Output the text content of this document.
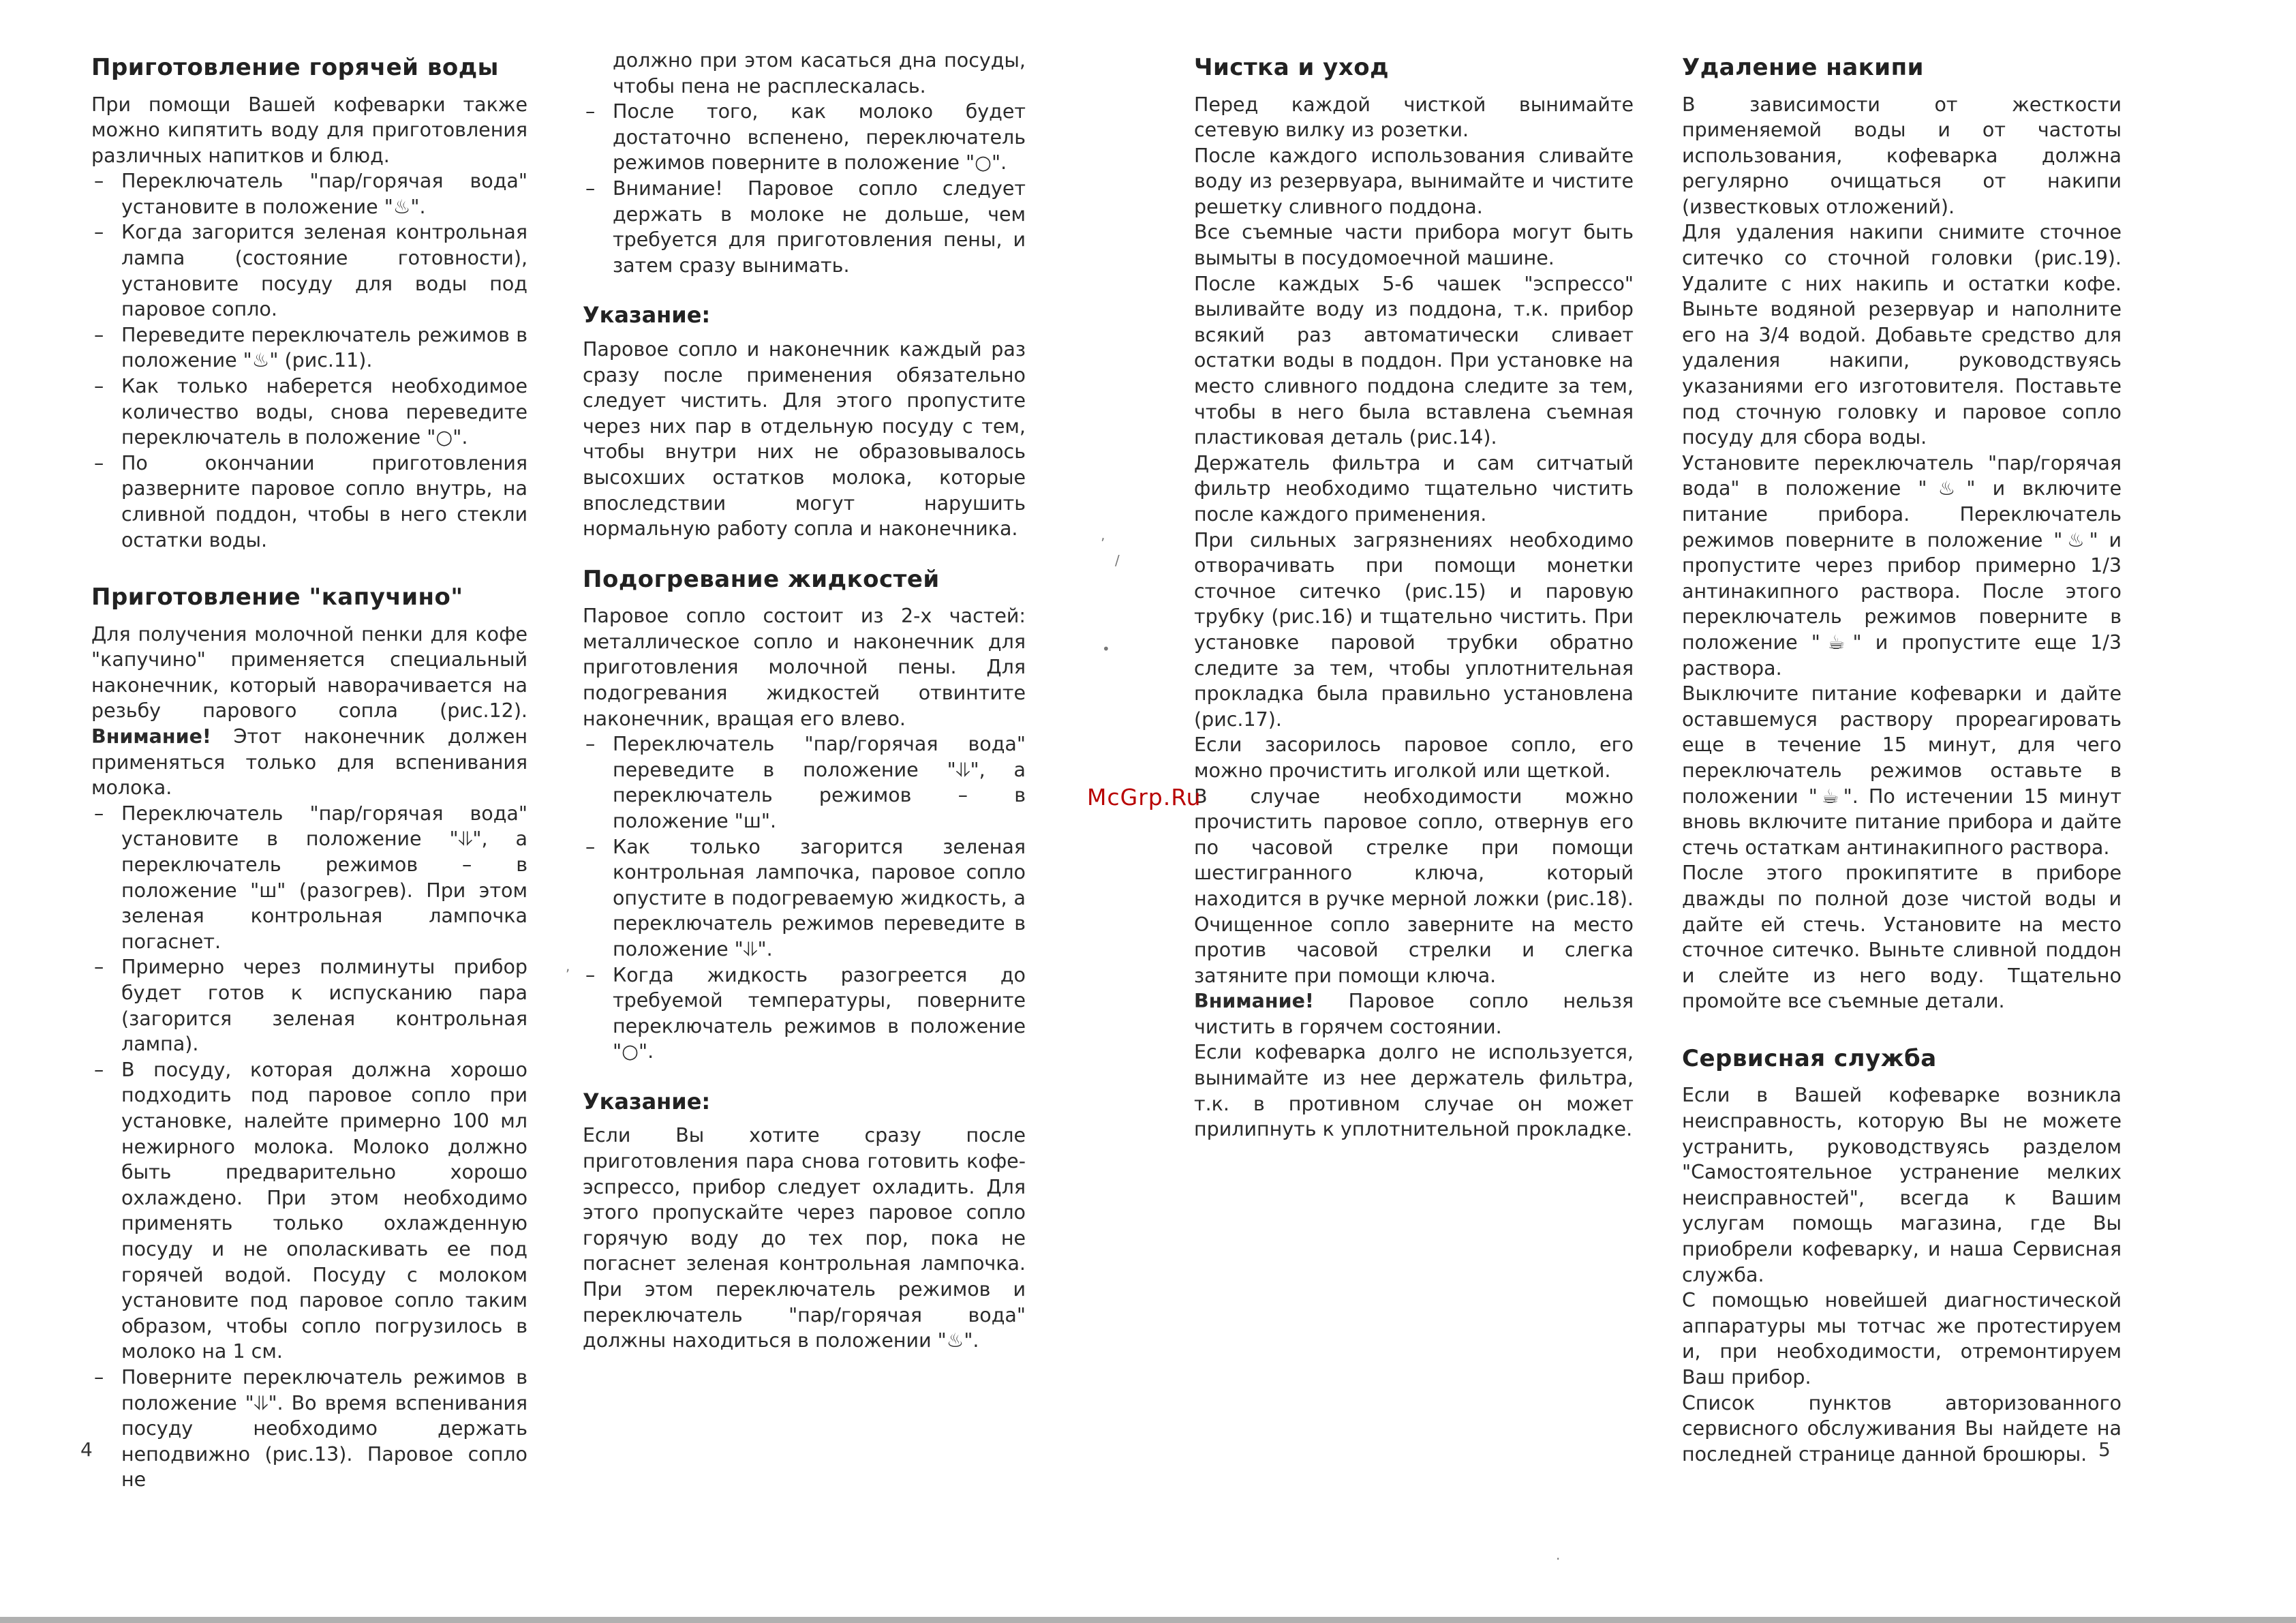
Приготовление горячей воды

При помощи Вашей кофеварки также можно кипятить воду для приготовления различных напитков и блюд.

– Переключатель "пар/горячая вода" установите в положение "♨".
– Когда загорится зеленая контрольная лампа (состояние готовности), установите посуду для воды под паровое сопло.
– Переведите переключатель режимов в положение "♨" (рис.11).
– Как только наберется необходимое количество воды, снова переведите переключатель в положение "○".
– По окончании приготовления разверните паровое сопло внутрь, на сливной поддон, чтобы в него стекли остатки воды.
Приготовление "капучино"

Для получения молочной пенки для кофе "капучино" применяется специальный наконечник, который наворачивается на резьбу парового сопла (рис.12). Внимание! Этот наконечник должен применяться только для вспенивания молока.

– Переключатель "пар/горячая вода" установите в положение "⥥", а переключатель режимов – в положение "ꟺ" (разогрев). При этом зеленая контрольная лампочка погаснет.
– Примерно через полминуты прибор будет готов к испусканию пара (загорится зеленая контрольная лампа).
– В посуду, которая должна хорошо подходить под паровое сопло при установке, налейте примерно 100 мл нежирного молока. Молоко должно быть предварительно хорошо охлаждено. При этом необходимо применять только охлажденную посуду и не ополаскивать ее под горячей водой. Посуду с молоком установите под паровое сопло таким образом, чтобы сопло погрузилось в молоко на 1 см.
– Поверните переключатель режимов в положение "⥥". Во время вспенивания посуду необходимо держать неподвижно (рис.13). Паровое сопло не

должно при этом касаться дна посуды, чтобы пена не расплескалась.

– После того, как молоко будет достаточно вспенено, переключатель режимов поверните в положение "○".
– Внимание! Паровое сопло следует держать в молоке не дольше, чем требуется для приготовления пены, и затем сразу вынимать.
Указание:

Паровое сопло и наконечник каждый раз сразу после применения обязательно следует чистить. Для этого пропустите через них пар в отдельную посуду с тем, чтобы внутри них не образовывалось высохших остатков молока, которые впоследствии могут нарушить нормальную работу сопла и наконечника.

Подогревание жидкостей

Паровое сопло состоит из 2-х частей: металлическое сопло и наконечник для приготовления молочной пены. Для подогревания жидкостей отвинтите наконечник, вращая его влево.

– Переключатель "пар/горячая вода" переведите в положение "⥥", а переключатель режимов – в положение "ꟺ".
– Как только загорится зеленая контрольная лампочка, паровое сопло опустите в подогреваемую жидкость, а переключатель режимов переведите в положение "⥥".
– Когда жидкость разогреется до требуемой температуры, поверните переключатель режимов в положение "○".
Указание:

Если Вы хотите сразу после приготовления пара снова готовить кофе-эспрессо, прибор следует охладить. Для этого пропускайте через паровое сопло горячую воду до тех пор, пока не погаснет зеленая контрольная лампочка. При этом переключатель режимов и переключатель "пар/горячая вода" должны находиться в положении "♨".

Чистка и уход

Перед каждой чисткой вынимайте сетевую вилку из розетки.

После каждого использования сливайте воду из резервуара, вынимайте и чистите решетку сливного поддона.

Все съемные части прибора могут быть вымыты в посудомоечной машине.

После каждых 5-6 чашек "эспрессо" выливайте воду из поддона, т.к. прибор всякий раз автоматически сливает остатки воды в поддон. При установке на место сливного поддона следите за тем, чтобы в него была вставлена съемная пластиковая деталь (рис.14).

Держатель фильтра и сам ситчатый фильтр необходимо тщательно чистить после каждого применения.

При сильных загрязнениях необходимо отворачивать при помощи монетки сточное ситечко (рис.15) и паровую трубку (рис.16) и тщательно чистить. При установке паровой трубки обратно следите за тем, чтобы уплотнительная прокладка была правильно установлена (рис.17).

Если засорилось паровое сопло, его можно прочистить иголкой или щеткой.

В случае необходимости можно прочистить паровое сопло, отвернув его по часовой стрелке при помощи шестигранного ключа, который находится в ручке мерной ложки (рис.18). Очищенное сопло заверните на место против часовой стрелки и слегка затяните при помощи ключа.

Внимание! Паровое сопло нельзя чистить в горячем состоянии.

Если кофеварка долго не используется, вынимайте из нее держатель фильтра, т.к. в противном случае он может прилипнуть к уплотнительной прокладке.

Удаление накипи

В зависимости от жесткости применяемой воды и от частоты использования, кофеварка должна регулярно очищаться от накипи (известковых отложений).

Для удаления накипи снимите сточное ситечко со сточной головки (рис.19). Удалите с них накипь и остатки кофе. Выньте водяной резервуар и наполните его на 3/4 водой. Добавьте средство для удаления накипи, руководствуясь указаниями его изготовителя. Поставьте под сточную головку и паровое сопло посуду для сбора воды.

Установите переключатель "пар/горячая вода" в положение "♨" и включите питание прибора. Переключатель режимов поверните в положение "♨" и пропустите через прибор примерно 1/3 антинакипного раствора. После этого переключатель режимов поверните в положение "☕" и пропустите еще 1/3 раствора.

Выключите питание кофеварки и дайте оставшемуся раствору прореагировать еще в течение 15 минут, для чего переключатель режимов оставьте в положении "☕". По истечении 15 минут вновь включите питание прибора и дайте стечь остаткам антинакипного раствора.

После этого прокипятите в приборе дважды по полной дозе чистой воды и дайте ей стечь. Установите на место сточное ситечко. Выньте сливной поддон и слейте из него воду. Тщательно промойте все съемные детали.

Сервисная служба

Если в Вашей кофеварке возникла неисправность, которую Вы не можете устранить, руководствуясь разделом "Самостоятельное устранение мелких неисправностей", всегда к Вашим услугам помощь магазина, где Вы приобрели кофеварку, и наша Сервисная служба.

С помощью новейшей диагностической аппаратуры мы тотчас же протестируем и, при необходимости, отремонтируем Ваш прибор.

Список пунктов авторизованного сервисного обслуживания Вы найдете на последней странице данной брошюры.

4	5
McGrp.Ru
ʼ
/
•
,
·
